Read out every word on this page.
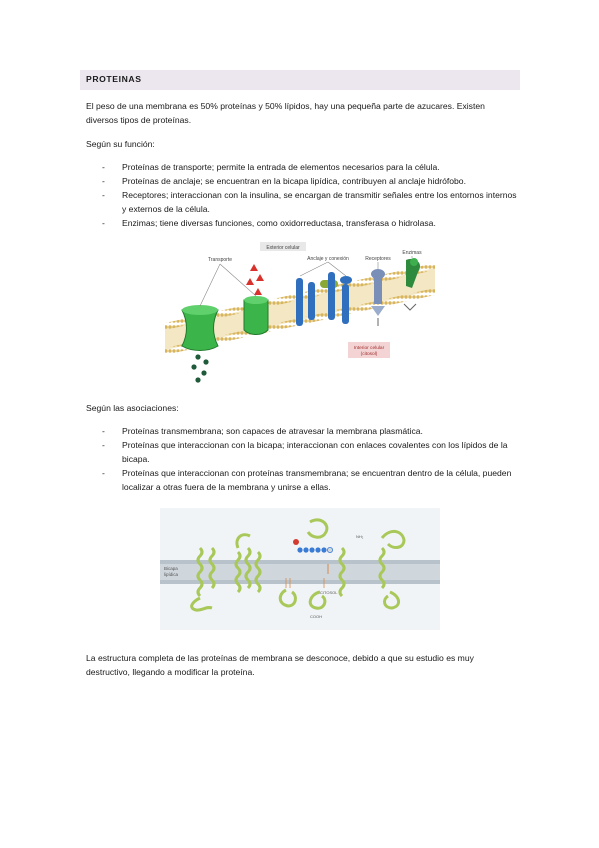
PROTEINAS
El peso de una membrana es 50% proteínas y 50% lípidos, hay una pequeña parte de azucares. Existen diversos tipos de proteínas.
Según su función:
- Proteínas de transporte; permite la entrada de elementos necesarios para la célula.
- Proteínas de anclaje; se encuentran en la bicapa lipídica, contribuyen al anclaje hidrófobo.
- Receptores; interaccionan con la insulina, se encargan de transmitir señales entre los entornos internos y externos de la célula.
- Enzimas; tiene diversas funciones, como oxidorreductasa, transferasa o hidrolasa.
Exterior celular
Transporte	Anclaje y conexión	Receptores
Enzimas
Interior celular
(citosol)
Según las asociaciones:
- Proteínas transmembrana; son capaces de atravesar la membrana plasmática.
- Proteínas que interaccionan con la bicapa; interaccionan con enlaces covalentes con los lípidos de la bicapa.
- Proteínas que interaccionan con proteínas transmembrana; se encuentran dentro de la célula, pueden localizar a otras fuera de la membrana y unirse a ellas.
Bicapa
lipídica
NH₂
CITOSOL
COOH
La estructura completa de las proteínas de membrana se desconoce, debido a que su estudio es muy destructivo, llegando a modificar la proteína.
